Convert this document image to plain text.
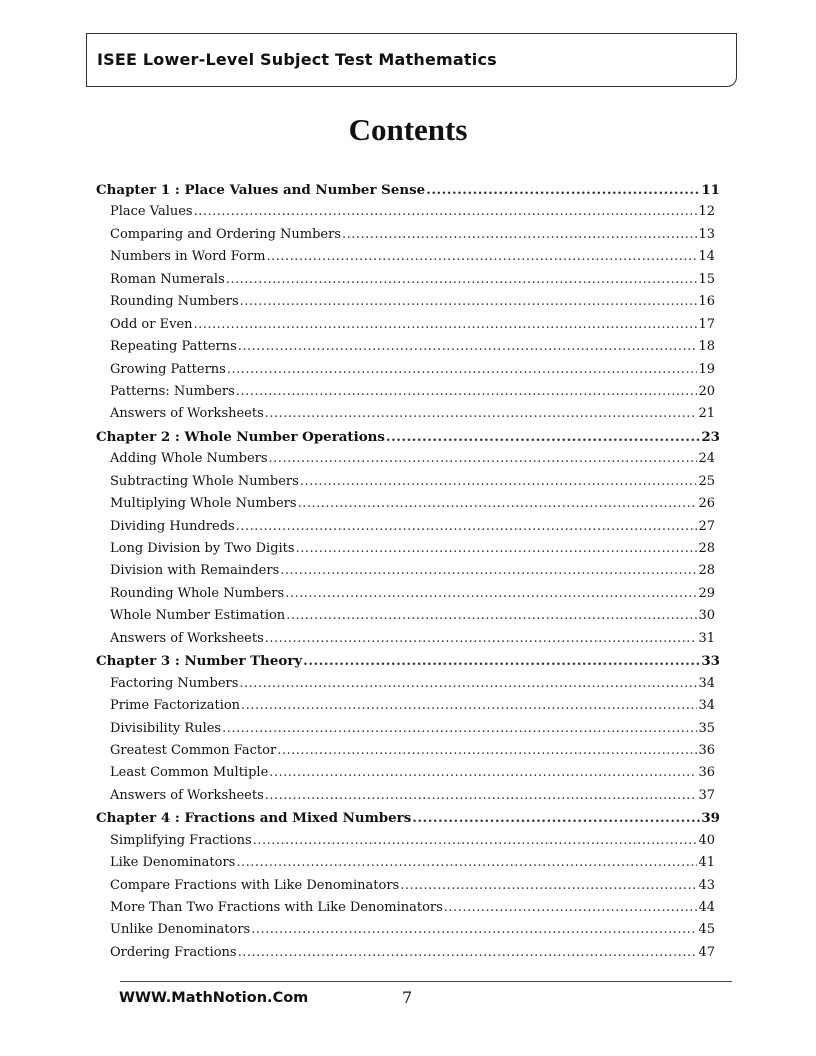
ISEE Lower-Level Subject Test Mathematics
Contents
Chapter 1 : Place Values and Number Sense .....	11
Place Values .....	12
Comparing and Ordering Numbers .....	13
Numbers in Word Form .....	14
Roman Numerals .....	15
Rounding Numbers .....	16
Odd or Even .....	17
Repeating Patterns .....	18
Growing Patterns .....	19
Patterns: Numbers .....	20
Answers of Worksheets .....	21
Chapter 2 : Whole Number Operations .....	23
Adding Whole Numbers .....	24
Subtracting Whole Numbers .....	25
Multiplying Whole Numbers .....	26
Dividing Hundreds .....	27
Long Division by Two Digits .....	28
Division with Remainders .....	28
Rounding Whole Numbers .....	29
Whole Number Estimation .....	30
Answers of Worksheets .....	31
Chapter 3 : Number Theory .....	33
Factoring Numbers .....	34
Prime Factorization .....	34
Divisibility Rules .....	35
Greatest Common Factor .....	36
Least Common Multiple .....	36
Answers of Worksheets .....	37
Chapter 4 : Fractions and Mixed Numbers .....	39
Simplifying Fractions .....	40
Like Denominators .....	41
Compare Fractions with Like Denominators .....	43
More Than Two Fractions with Like Denominators .....	44
Unlike Denominators .....	45
Ordering Fractions .....	47
WWW.MathNotion.Com	7
